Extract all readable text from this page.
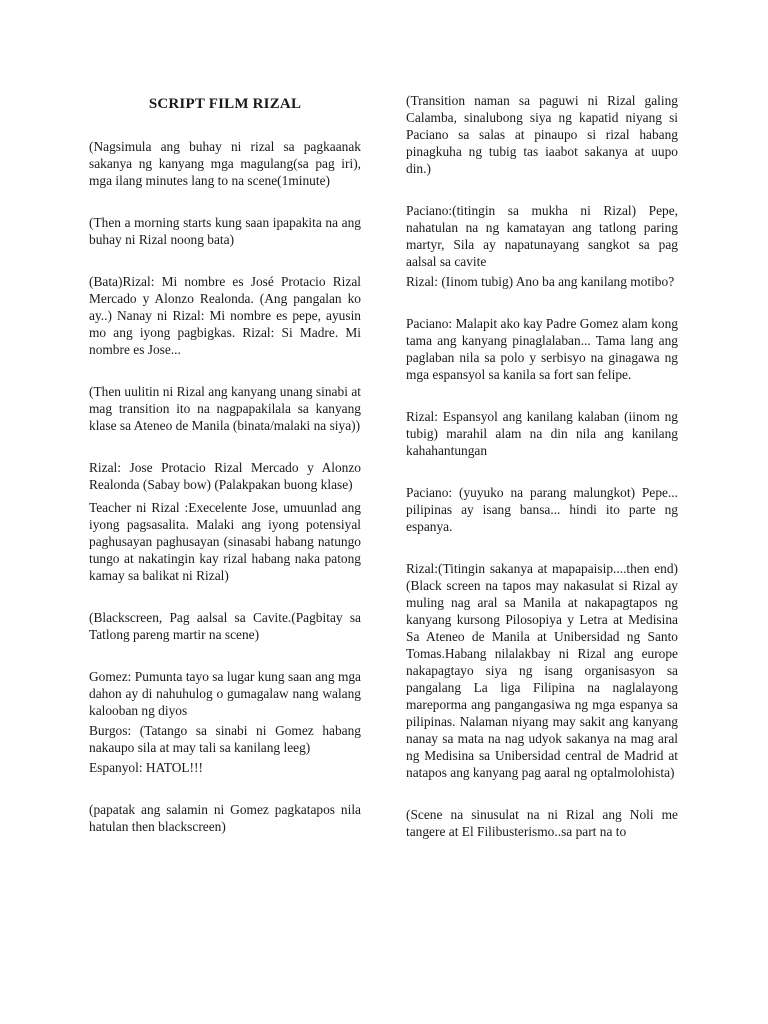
SCRIPT FILM RIZAL

(Nagsimula ang buhay ni rizal sa pagkaanak sakanya ng kanyang mga magulang(sa pag iri), mga ilang minutes lang to na scene(1minute)

(Then a morning starts kung saan ipapakita na ang buhay ni Rizal noong bata)

(Bata)Rizal: Mi nombre es José Protacio Rizal Mercado y Alonzo Realonda. (Ang pangalan ko ay..) Nanay ni Rizal: Mi nombre es pepe, ayusin mo ang iyong pagbigkas. Rizal: Si Madre. Mi nombre es Jose...

(Then uulitin ni Rizal ang kanyang unang sinabi at mag transition ito na nagpapakilala sa kanyang klase sa Ateneo de Manila (binata/malaki na siya))

Rizal: Jose Protacio Rizal Mercado y Alonzo Realonda (Sabay bow) (Palakpakan buong klase)

Teacher ni Rizal :Execelente Jose, umuunlad ang iyong pagsasalita. Malaki ang iyong potensiyal paghusayan paghusayan (sinasabi habang natungo tungo at nakatingin kay rizal habang naka patong kamay sa balikat ni Rizal)

(Blackscreen, Pag aalsal sa Cavite.(Pagbitay sa Tatlong pareng martir na scene)

Gomez: Pumunta tayo sa lugar kung saan ang mga dahon ay di nahuhulog o gumagalaw nang walang kalooban ng diyos

Burgos: (Tatango sa sinabi ni Gomez habang nakaupo sila at may tali sa kanilang leeg)

Espanyol: HATOL!!!

(papatak ang salamin ni Gomez pagkatapos nila hatulan then blackscreen)

(Transition naman sa paguwi ni Rizal galing Calamba, sinalubong siya ng kapatid niyang si Paciano sa salas at pinaupo si rizal habang pinagkuha ng tubig tas iaabot sakanya at uupo din.)

Paciano:(titingin sa mukha ni Rizal) Pepe, nahatulan na ng kamatayan ang tatlong paring martyr, Sila ay napatunayang sangkot sa pag aalsal sa cavite

Rizal: (Iinom tubig) Ano ba ang kanilang motibo?

Paciano: Malapit ako kay Padre Gomez alam kong tama ang kanyang pinaglalaban... Tama lang ang paglaban nila sa polo y serbisyo na ginagawa ng mga espansyol sa kanila sa fort san felipe.

Rizal: Espansyol ang kanilang kalaban (iinom ng tubig) marahil alam na din nila ang kanilang kahahantungan

Paciano: (yuyuko na parang malungkot) Pepe... pilipinas ay isang bansa... hindi ito parte ng espanya.

Rizal:(Titingin sakanya at mapapaisip....then end) (Black screen na tapos may nakasulat si Rizal ay muling nag aral sa Manila at nakapagtapos ng kanyang kursong Pilosopiya y Letra at Medisina Sa Ateneo de Manila at Unibersidad ng Santo Tomas.Habang nilalakbay ni Rizal ang europe nakapagtayo siya ng isang organisasyon sa pangalang La liga Filipina na naglalayong mareporma ang pangangasiwa ng mga espanya sa pilipinas. Nalaman niyang may sakit ang kanyang nanay sa mata na nag udyok sakanya na mag aral ng Medisina sa Unibersidad central de Madrid at natapos ang kanyang pag aaral ng optalmolohista)

(Scene na sinusulat na ni Rizal ang Noli me tangere at El Filibusterismo..sa part na to
